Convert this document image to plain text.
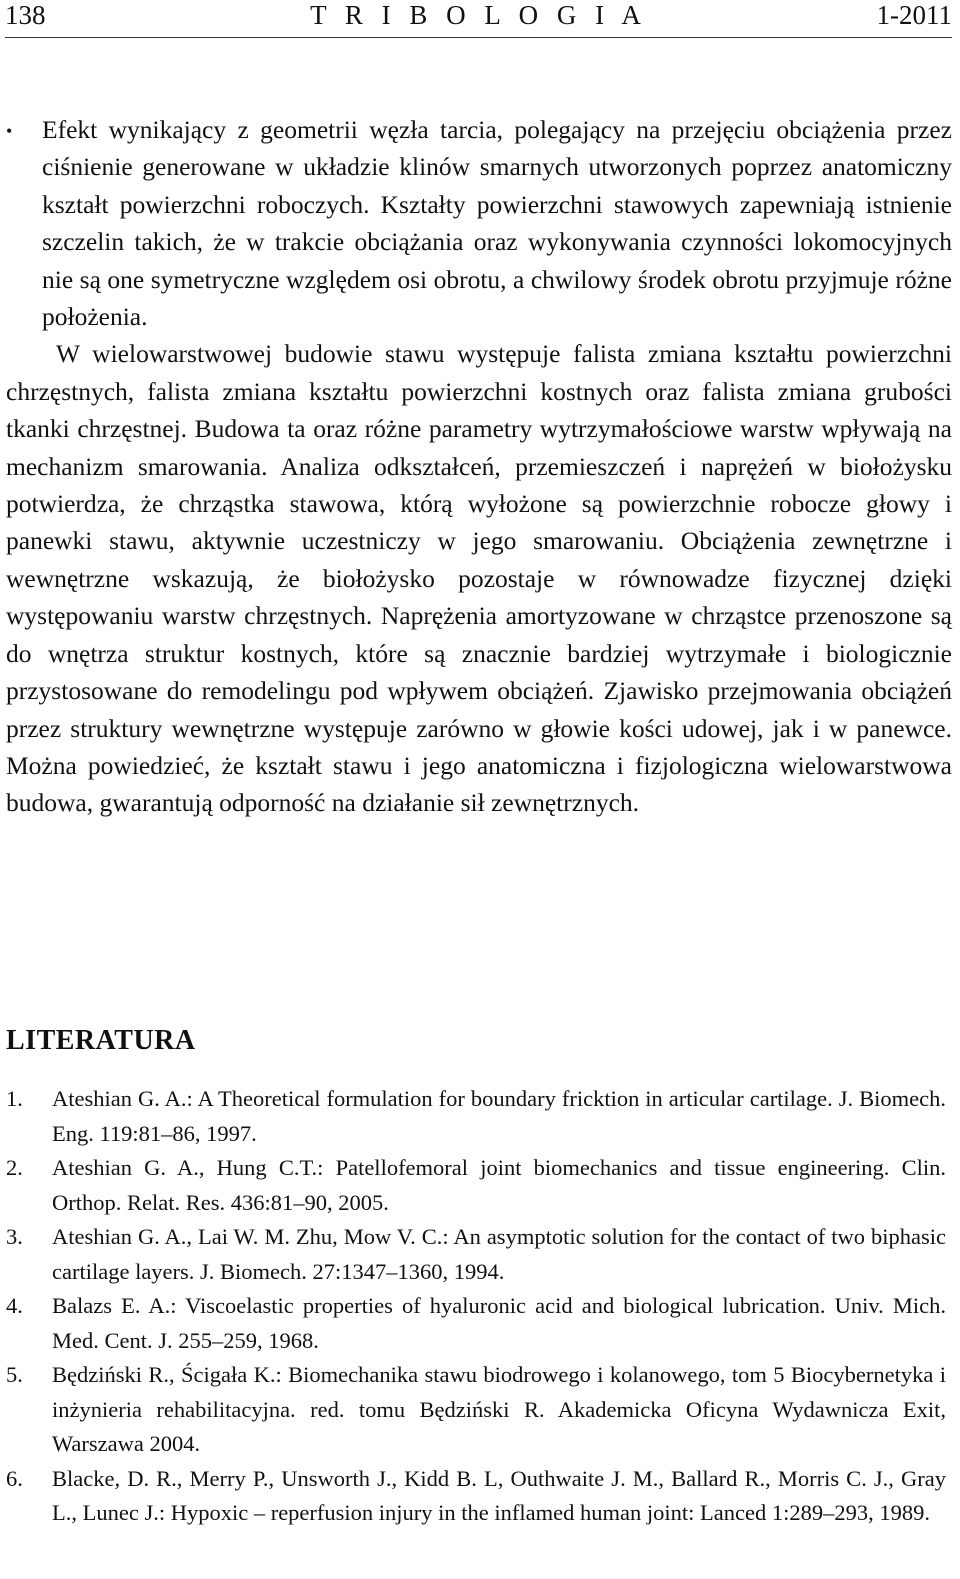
138	T R I B O L O G I A	1-2011
• Efekt wynikający z geometrii węzła tarcia, polegający na przejęciu obciążenia przez ciśnienie generowane w układzie klinów smarnych utworzonych poprzez anatomiczny kształt powierzchni roboczych. Kształty powierzchni stawowych zapewniają istnienie szczelin takich, że w trakcie obciążania oraz wykonywania czynności lokomocyjnych nie są one symetryczne względem osi obrotu, a chwilowy środek obrotu przyjmuje różne położenia.

W wielowarstwowej budowie stawu występuje falista zmiana kształtu powierzchni chrzęstnych, falista zmiana kształtu powierzchni kostnych oraz falista zmiana grubości tkanki chrzęstnej. Budowa ta oraz różne parametry wytrzymałościowe warstw wpływają na mechanizm smarowania. Analiza odkształceń, przemieszczeń i naprężeń w biołożysku potwierdza, że chrząstka stawowa, którą wyłożone są powierzchnie robocze głowy i panewki stawu, aktywnie uczestniczy w jego smarowaniu. Obciążenia zewnętrzne i wewnętrzne wskazują, że biołożysko pozostaje w równowadze fizycznej dzięki występowaniu warstw chrzęstnych. Naprężenia amortyzowane w chrząstce przenoszone są do wnętrza struktur kostnych, które są znacznie bardziej wytrzymałe i biologicznie przystosowane do remodelingu pod wpływem obciążeń. Zjawisko przejmowania obciążeń przez struktury wewnętrzne występuje zarówno w głowie kości udowej, jak i w panewce. Można powiedzieć, że kształt stawu i jego anatomiczna i fizjologiczna wielowarstwowa budowa, gwarantują odporność na działanie sił zewnętrznych.

LITERATURA
1. Ateshian G. A.: A Theoretical formulation for boundary fricktion in articular cartilage. J. Biomech. Eng. 119:81–86, 1997.
2. Ateshian G. A., Hung C.T.: Patellofemoral joint biomechanics and tissue engineering. Clin. Orthop. Relat. Res. 436:81–90, 2005.
3. Ateshian G. A., Lai W. M. Zhu, Mow V. C.: An asymptotic solution for the contact of two biphasic cartilage layers. J. Biomech. 27:1347–1360, 1994.
4. Balazs E. A.: Viscoelastic properties of hyaluronic acid and biological lubrication. Univ. Mich. Med. Cent. J. 255–259, 1968.
5. Będziński R., Ścigała K.: Biomechanika stawu biodrowego i kolanowego, tom 5 Biocybernetyka i inżynieria rehabilitacyjna. red. tomu Będziński R. Akademicka Oficyna Wydawnicza Exit, Warszawa 2004.
6. Blacke, D. R., Merry P., Unsworth J., Kidd B. L, Outhwaite J. M., Ballard R., Morris C. J., Gray L., Lunec J.: Hypoxic – reperfusion injury in the inflamed human joint: Lanced 1:289–293, 1989.
